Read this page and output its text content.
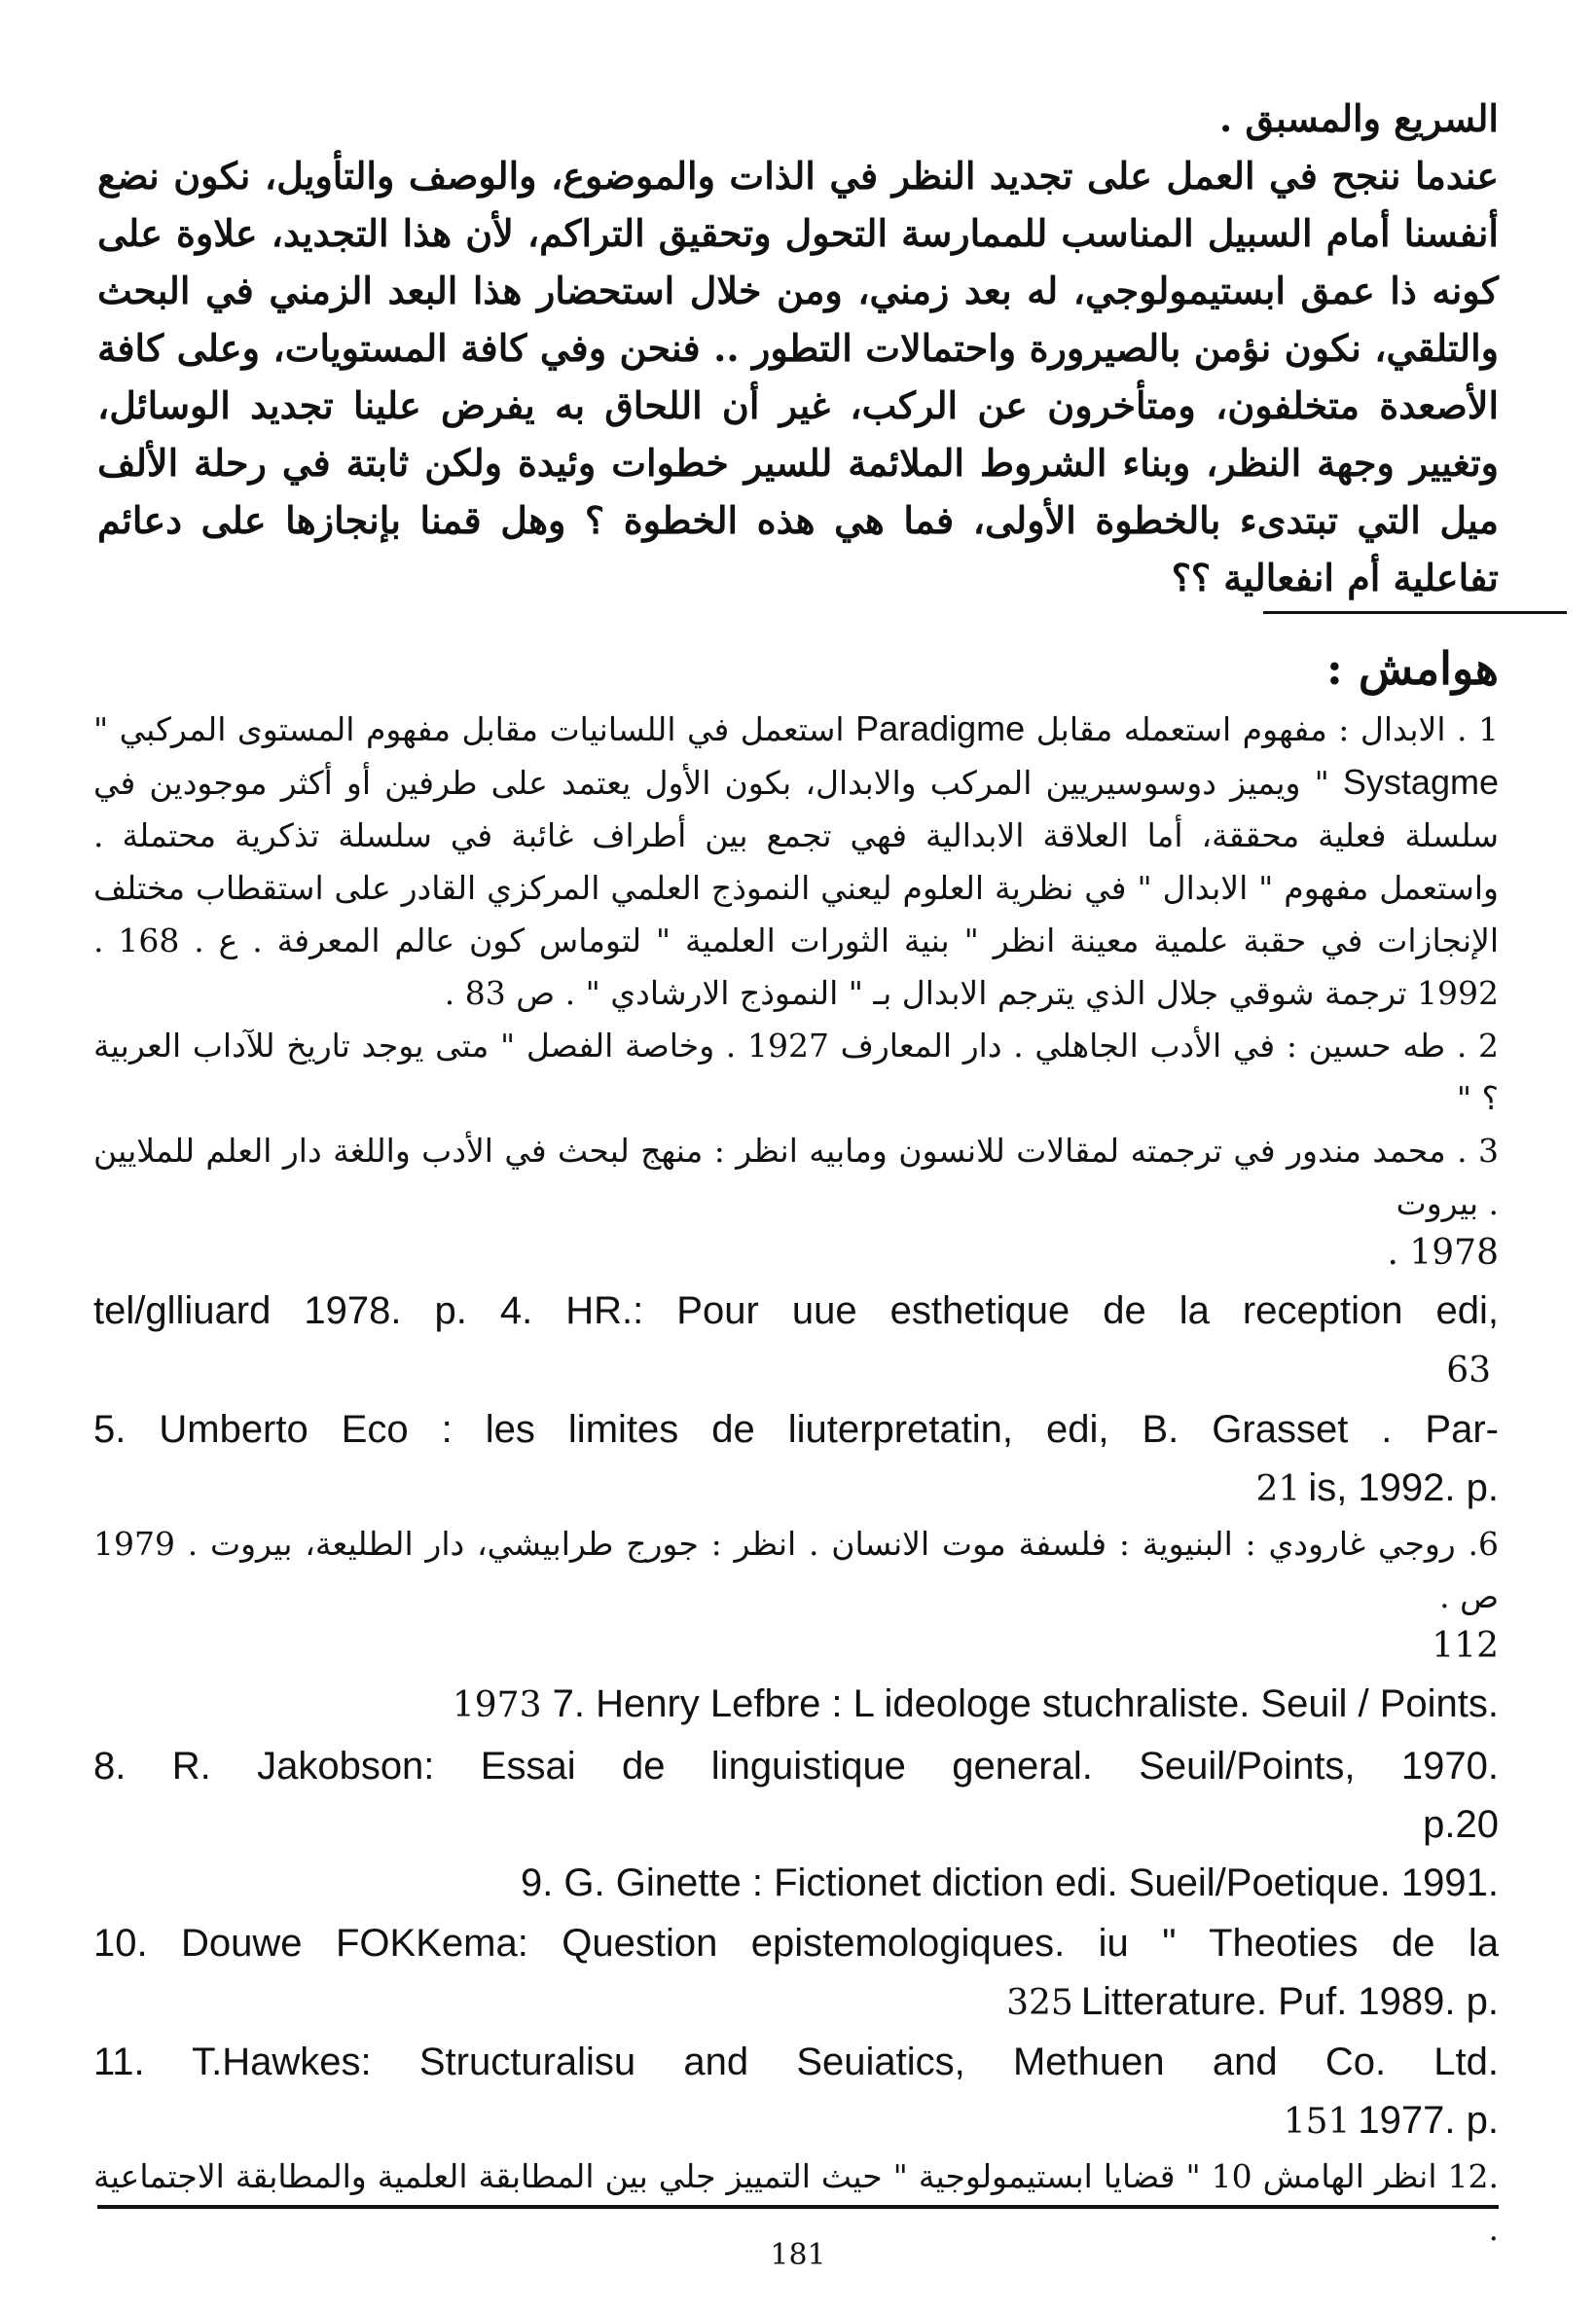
السريع والمسبق .

عندما ننجح في العمل على تجديد النظر في الذات والموضوع، والوصف والتأويل، نكون نضع أنفسنا أمام السبيل المناسب للممارسة التحول وتحقيق التراكم، لأن هذا التجديد، علاوة على كونه ذا عمق ابستيمولوجي، له بعد زمني، ومن خلال استحضار هذا البعد الزمني في البحث والتلقي، نكون نؤمن بالصيرورة واحتمالات التطور .. فنحن وفي كافة المستويات، وعلى كافة الأصعدة متخلفون، ومتأخرون عن الركب، غير أن اللحاق به يفرض علينا تجديد الوسائل، وتغيير وجهة النظر، وبناء الشروط الملائمة للسير خطوات وئيدة ولكن ثابتة في رحلة الألف ميل التي تبتدىء بالخطوة الأولى، فما هي هذه الخطوة ؟ وهل قمنا بإنجازها على دعائم تفاعلية أم انفعالية ؟؟

هوامش :

1 . الابدال : مفهوم استعمله مقابل Paradigme استعمل في اللسانيات مقابل مفهوم المستوى المركبي " Systagme " ويميز دوسوسيريين المركب والابدال، بكون الأول يعتمد على طرفين أو أكثر موجودين في سلسلة فعلية محققة، أما العلاقة الابدالية فهي تجمع بين أطراف غائبة في سلسلة تذكرية محتملة . واستعمل مفهوم " الابدال " في نظرية العلوم ليعني النموذج العلمي المركزي القادر على استقطاب مختلف الإنجازات في حقبة علمية معينة انظر " بنية الثورات العلمية " لتوماس كون عالم المعرفة . ع . 168 . 1992 ترجمة شوقي جلال الذي يترجم الابدال بـ " النموذج الارشادي " . ص 83 .

2 . طه حسين : في الأدب الجاهلي . دار المعارف 1927 . وخاصة الفصل " متى يوجد تاريخ للآداب العربية ؟ "

3 . محمد مندور في ترجمته لمقالات للانسون ومابيه انظر : منهج لبحث في الأدب واللغة دار العلم للملايين . بيروت

. 1978

tel/glliuard 1978. p. 4. HR.: Pour uue esthetique de la reception edi,

63

5. Umberto Eco : les limites de liuterpretatin, edi, B. Grasset . Par-

21 is, 1992. p.

6. روجي غارودي : البنيوية : فلسفة موت الانسان . انظر : جورج طرابيشي، دار الطليعة، بيروت . 1979 ص .

112

1973 7. Henry Lefbre : L ideologe stuchraliste. Seuil / Points.

8. R. Jakobson: Essai de linguistique general. Seuil/Points, 1970.

p.20

9. G. Ginette : Fictionet diction edi. Sueil/Poetique. 1991.

10. Douwe FOKKema: Question epistemologiques. iu " Theoties de la

325 Litterature. Puf. 1989. p.

11. T.Hawkes: Structuralisu and Seuiatics, Methuen and Co. Ltd.

151 1977. p.

.12 انظر الهامش 10 " قضايا ابستيمولوجية " حيث التمييز جلي بين المطابقة العلمية والمطابقة الاجتماعية .

181
